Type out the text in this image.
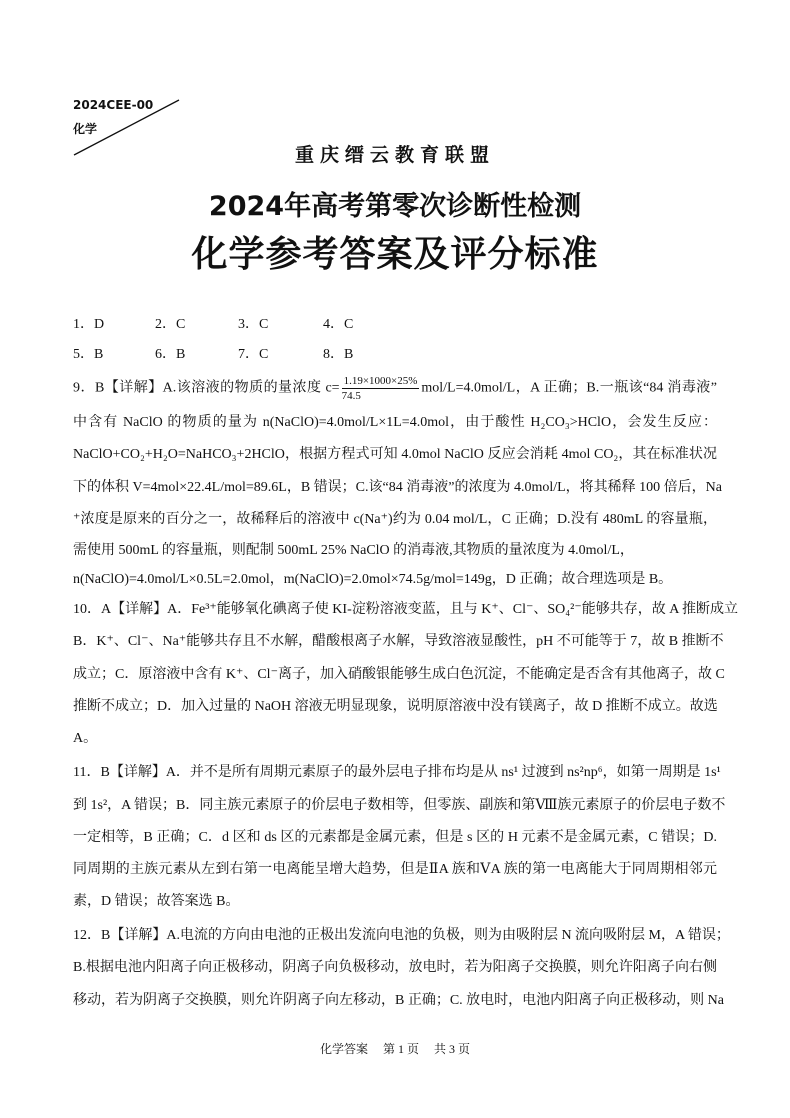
2024CEE-00
化学
重庆缙云教育联盟
2024年高考第零次诊断性检测
化学参考答案及评分标准
1．D	2．C	3．C	4．C
5．B	6．B	7．C	8．B
9．B【详解】A.该溶液的物质的量浓度 $c= \frac{1.19\times 1000\times 25\%}{74.5} mol/L=4.0mol/L$，A 正确；B.一瓶该“84 消毒液”
中含有 NaClO 的物质的量为 n(NaClO)=4.0mol/L×1L=4.0mol，由于酸性 H₂CO₃>HClO，会发生反应：
NaClO+CO₂+H₂O=NaHCO₃+2HClO，根据方程式可知 4.0mol NaClO 反应会消耗 4mol CO₂，其在标准状况
下的体积 V=4mol×22.4L/mol=89.6L，B 错误；C.该“84 消毒液”的浓度为 4.0mol/L，将其稀释 100 倍后，Na
⁺浓度是原来的百分之一，故稀释后的溶液中 c(Na⁺)约为 0.04 mol/L，C 正确；D.没有 480mL 的容量瓶，
需使用 500mL 的容量瓶，则配制 500mL 25% NaClO 的消毒液,其物质的量浓度为 4.0mol/L，
n(NaClO)=4.0mol/L×0.5L=2.0mol，m(NaClO)=2.0mol×74.5g/mol=149g，D 正确；故合理选项是 B。
10．A【详解】A．Fe³⁺能够氧化碘离子使 KI-淀粉溶液变蓝，且与 K⁺、Cl⁻、SO₄²⁻能够共存，故 A 推断成立
B．K⁺、Cl⁻、Na⁺能够共存且不水解，醋酸根离子水解，导致溶液显酸性，pH 不可能等于 7，故 B 推断不
成立；C．原溶液中含有 K⁺、Cl⁻离子，加入硝酸银能够生成白色沉淀，不能确定是否含有其他离子，故 C
推断不成立；D．加入过量的 NaOH 溶液无明显现象，说明原溶液中没有镁离子，故 D 推断不成立。故选
A。
11．B【详解】A．并不是所有周期元素原子的最外层电子排布均是从 ns¹ 过渡到 ns²np⁶，如第一周期是 1s¹
到 1s²，A 错误；B．同主族元素原子的价层电子数相等，但零族、副族和第Ⅷ族元素原子的价层电子数不
一定相等，B 正确；C．d 区和 ds 区的元素都是金属元素，但是 s 区的 H 元素不是金属元素，C 错误；D.
同周期的主族元素从左到右第一电离能呈增大趋势，但是ⅡA 族和ⅤA 族的第一电离能大于同周期相邻元
素，D 错误；故答案选 B。
12．B【详解】A.电流的方向由电池的正极出发流向电池的负极，则为由吸附层 N 流向吸附层 M，A 错误；
B.根据电池内阳离子向正极移动，阴离子向负极移动，放电时，若为阳离子交换膜，则允许阳离子向右侧
移动，若为阴离子交换膜，则允许阴离子向左移动，B 正确；C. 放电时，电池内阳离子向正极移动，则 Na
化学答案 第 1 页 共 3 页
